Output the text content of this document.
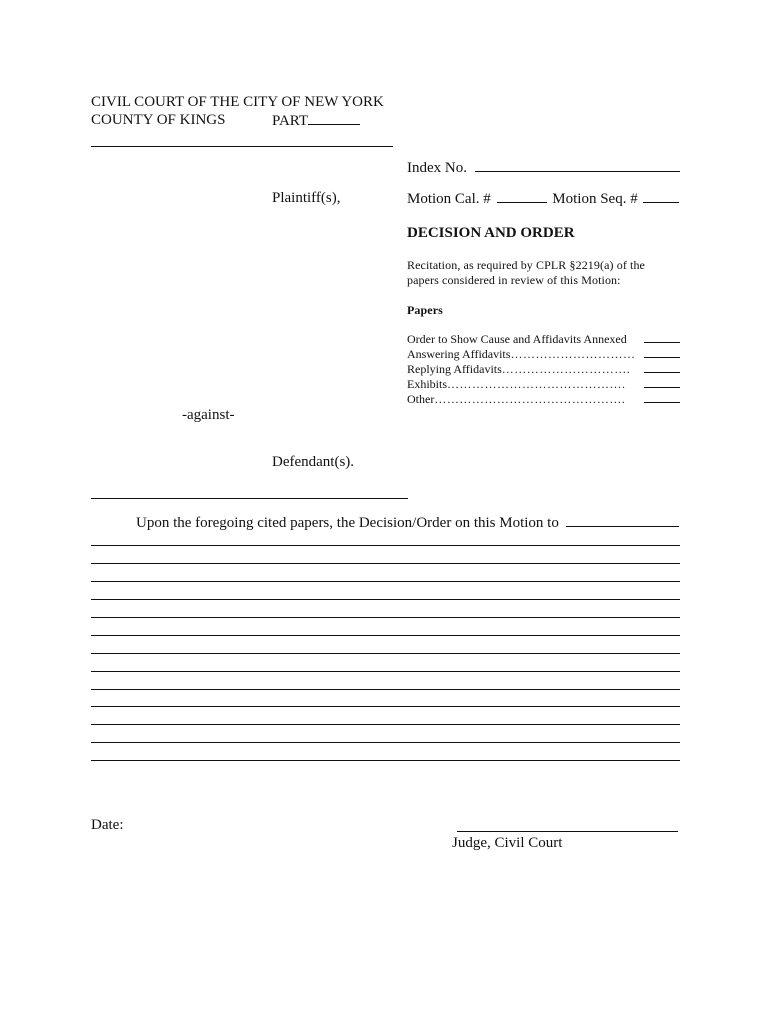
CIVIL COURT OF THE CITY OF NEW YORK
COUNTY OF KINGS	PART
Index No.
Plaintiff(s),	Motion Cal. #	Motion Seq. #
DECISION AND ORDER
Recitation, as required by CPLR §2219(a) of the
papers considered in review of this Motion:
Papers
Order to Show Cause and Affidavits Annexed
Answering Affidavits …………………………
Replying Affidavits ………………………….
Exhibits …………………………………….
Other ……………………………………….
-against-
Defendant(s).
Upon the foregoing cited papers, the Decision/Order on this Motion to
Date:
Judge, Civil Court
